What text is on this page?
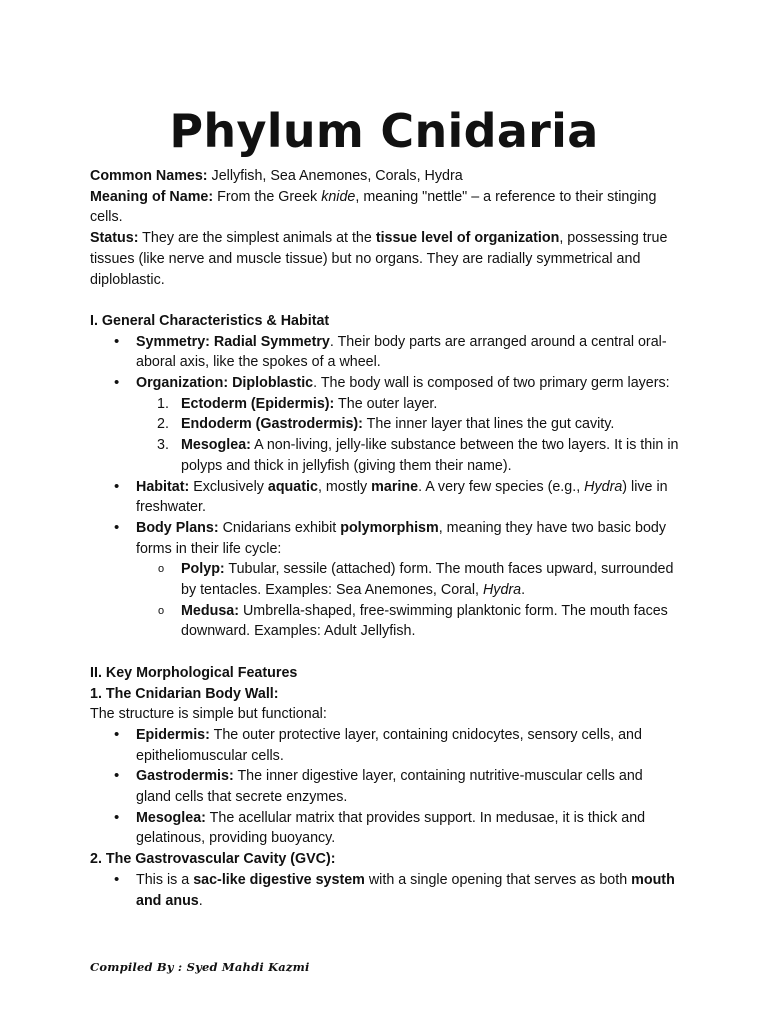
Phylum Cnidaria

Common Names: Jellyfish, Sea Anemones, Corals, Hydra

Meaning of Name: From the Greek knide, meaning "nettle" – a reference to their stinging cells.

Status: They are the simplest animals at the tissue level of organization, possessing true tissues (like nerve and muscle tissue) but no organs. They are radially symmetrical and diploblastic.

I. General Characteristics & Habitat

• Symmetry: Radial Symmetry. Their body parts are arranged around a central oral-aboral axis, like the spokes of a wheel.
• Organization: Diploblastic. The body wall is composed of two primary germ layers:
1. Ectoderm (Epidermis): The outer layer.
2. Endoderm (Gastrodermis): The inner layer that lines the gut cavity.
3. Mesoglea: A non-living, jelly-like substance between the two layers. It is thin in polyps and thick in jellyfish (giving them their name).
• Habitat: Exclusively aquatic, mostly marine. A very few species (e.g., Hydra) live in freshwater.
• Body Plans: Cnidarians exhibit polymorphism, meaning they have two basic body forms in their life cycle:
o Polyp: Tubular, sessile (attached) form. The mouth faces upward, surrounded by tentacles. Examples: Sea Anemones, Coral, Hydra.
o Medusa: Umbrella-shaped, free-swimming planktonic form. The mouth faces downward. Examples: Adult Jellyfish.

II. Key Morphological Features

1. The Cnidarian Body Wall:

The structure is simple but functional:

• Epidermis: The outer protective layer, containing cnidocytes, sensory cells, and epitheliomuscular cells.
• Gastrodermis: The inner digestive layer, containing nutritive-muscular cells and gland cells that secrete enzymes.
• Mesoglea: The acellular matrix that provides support. In medusae, it is thick and gelatinous, providing buoyancy.

2. The Gastrovascular Cavity (GVC):

• This is a sac-like digestive system with a single opening that serves as both mouth and anus.
Compiled By : Syed Mahdi Kazmi
